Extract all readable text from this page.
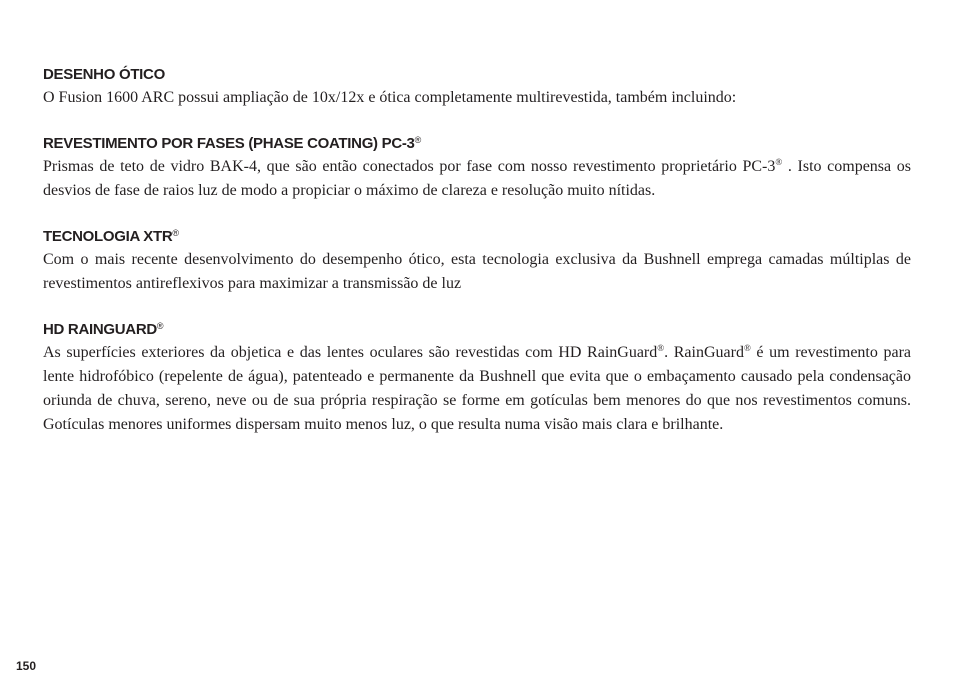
DESENHO ÓTICO

O Fusion 1600 ARC possui ampliação de 10x/12x e ótica completamente multirevestida, também incluindo:

REVESTIMENTO POR FASES (PHASE COATING) PC-3®

Prismas de teto de vidro BAK-4, que são então conectados por fase com nosso revestimento proprietário PC-3® . Isto compensa os desvios de fase de raios luz de modo a propiciar o máximo de clareza e resolução muito nítidas.

TECNOLOGIA XTR®

Com o mais recente desenvolvimento do desempenho ótico, esta tecnologia exclusiva da Bushnell emprega camadas múltiplas de revestimentos antireflexivos para maximizar a transmissão de luz

HD RAINGUARD®

As superfícies exteriores da objetica e das lentes oculares são revestidas com HD RainGuard®. RainGuard® é um revestimento para lente hidrofóbico (repelente de água), patenteado e permanente da Bushnell que evita que o embaçamento causado pela condensação oriunda de chuva, sereno, neve ou de sua própria respiração se forme em gotículas bem menores do que nos revestimentos comuns. Gotículas menores uniformes dispersam muito menos luz, o que resulta numa visão mais clara e brilhante.

150
